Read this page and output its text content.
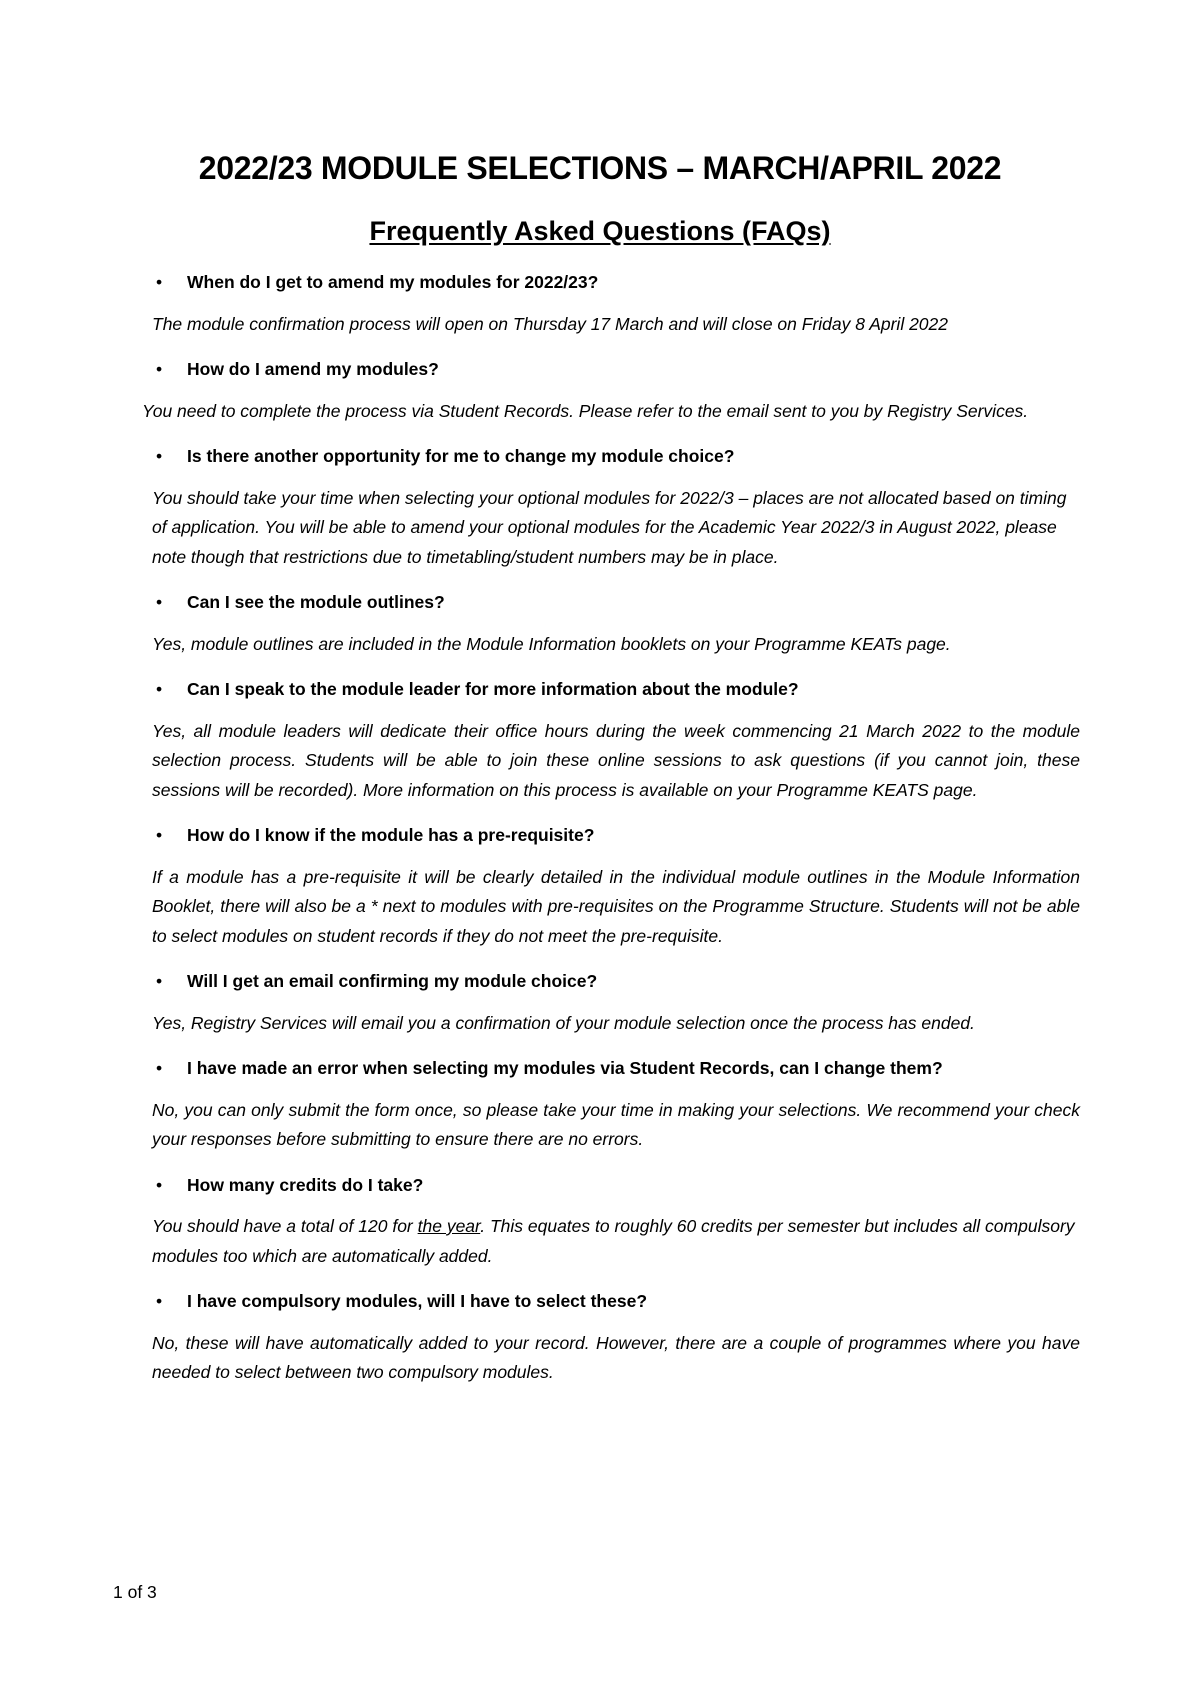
2022/23 MODULE SELECTIONS – MARCH/APRIL 2022
Frequently Asked Questions (FAQs)
• When do I get to amend my modules for 2022/23?
The module confirmation process will open on Thursday 17 March and will close on Friday 8 April 2022
• How do I amend my modules?
You need to complete the process via Student Records. Please refer to the email sent to you by Registry Services.
• Is there another opportunity for me to change my module choice?
You should take your time when selecting your optional modules for 2022/3 – places are not allocated based on timing of application. You will be able to amend your optional modules for the Academic Year 2022/3 in August 2022, please note though that restrictions due to timetabling/student numbers may be in place.
• Can I see the module outlines?
Yes, module outlines are included in the Module Information booklets on your Programme KEATs page.
• Can I speak to the module leader for more information about the module?
Yes, all module leaders will dedicate their office hours during the week commencing 21 March 2022 to the module selection process. Students will be able to join these online sessions to ask questions (if you cannot join, these sessions will be recorded). More information on this process is available on your Programme KEATS page.
• How do I know if the module has a pre-requisite?
If a module has a pre-requisite it will be clearly detailed in the individual module outlines in the Module Information Booklet, there will also be a * next to modules with pre-requisites on the Programme Structure. Students will not be able to select modules on student records if they do not meet the pre-requisite.
• Will I get an email confirming my module choice?
Yes, Registry Services will email you a confirmation of your module selection once the process has ended.
• I have made an error when selecting my modules via Student Records, can I change them?
No, you can only submit the form once, so please take your time in making your selections. We recommend your check your responses before submitting to ensure there are no errors.
• How many credits do I take?
You should have a total of 120 for the year. This equates to roughly 60 credits per semester but includes all compulsory modules too which are automatically added.
• I have compulsory modules, will I have to select these?
No, these will have automatically added to your record. However, there are a couple of programmes where you have needed to select between two compulsory modules.
1 of 3
